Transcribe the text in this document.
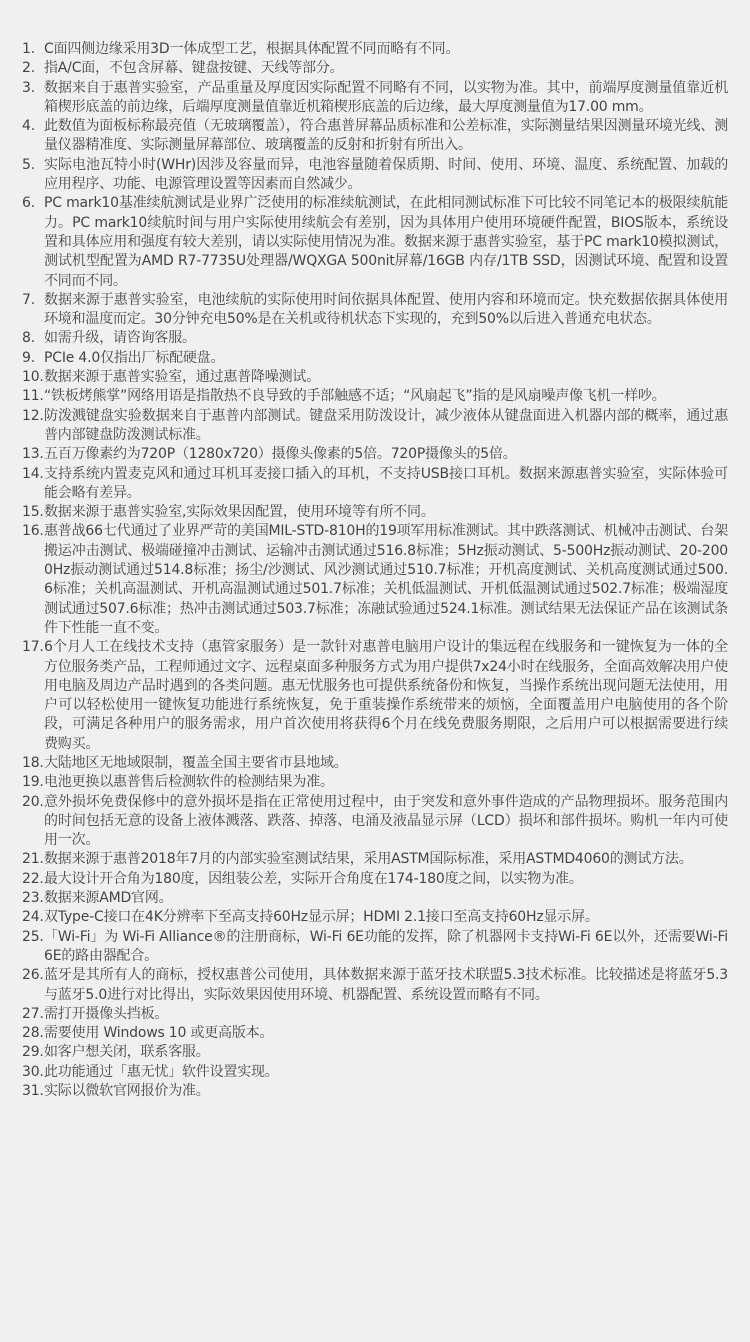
1. C面四侧边缘采用3D一体成型工艺，根据具体配置不同而略有不同。
2. 指A/C面，不包含屏幕、键盘按键、天线等部分。
3. 数据来自于惠普实验室，产品重量及厚度因实际配置不同略有不同，以实物为准。其中，前端厚度测量值靠近机箱楔形底盖的前边缘，后端厚度测量值靠近机箱楔形底盖的后边缘，最大厚度测量值为17.00 mm。
4. 此数值为面板标称最亮值（无玻璃覆盖），符合惠普屏幕品质标准和公差标准，实际测量结果因测量环境光线、测量仪器精准度、实际测量屏幕部位、玻璃覆盖的反射和折射有所出入。
5. 实际电池瓦特小时(WHr)因涉及容量而异，电池容量随着保质期、时间、使用、环境、温度、系统配置、加载的应用程序、功能、电源管理设置等因素而自然减少。
6. PC mark10基准续航测试是业界广泛使用的标准续航测试，在此相同测试标准下可比较不同笔记本的极限续航能力。PC mark10续航时间与用户实际使用续航会有差别，因为具体用户使用环境硬件配置，BIOS版本，系统设置和具体应用和强度有较大差别，请以实际使用情况为准。数据来源于惠普实验室，基于PC mark10模拟测试，测试机型配置为AMD R7-7735U处理器/WQXGA 500nit屏幕/16GB 内存/1TB SSD，因测试环境、配置和设置不同而不同。
7. 数据来源于惠普实验室，电池续航的实际使用时间依据具体配置、使用内容和环境而定。快充数据依据具体使用环境和温度而定。30分钟充电50%是在关机或待机状态下实现的，充到50%以后进入普通充电状态。
8. 如需升级，请咨询客服。
9. PCIe 4.0仅指出厂标配硬盘。
10. 数据来源于惠普实验室，通过惠普降噪测试。
11. “铁板烤熊掌”网络用语是指散热不良导致的手部触感不适；“风扇起飞”指的是风扇噪声像飞机一样吵。
12. 防泼溅键盘实验数据来自于惠普内部测试。键盘采用防泼设计，减少液体从键盘面进入机器内部的概率，通过惠普内部键盘防泼测试标准。
13. 五百万像素约为720P（1280x720）摄像头像素的5倍。720P摄像头的5倍。
14. 支持系统内置麦克风和通过耳机耳麦接口插入的耳机，不支持USB接口耳机。数据来源惠普实验室，实际体验可能会略有差异。
15. 数据来源于惠普实验室,实际效果因配置，使用环境等有所不同。
16. 惠普战66七代通过了业界严苛的美国MIL-STD-810H的19项军用标准测试。其中跌落测试、机械冲击测试、台架搬运冲击测试、极端碰撞冲击测试、运输冲击测试通过516.8标准；5Hz振动测试、5-500Hz振动测试、20-2000Hz振动测试通过514.8标准；扬尘/沙测试、风沙测试通过510.7标准；开机高度测试、关机高度测试通过500.6标准；关机高温测试、开机高温测试通过501.7标准；关机低温测试、开机低温测试通过502.7标准；极端湿度测试通过507.6标准；热冲击测试通过503.7标准；冻融试验通过524.1标准。测试结果无法保证产品在该测试条件下性能一直不变。
17. 6个月人工在线技术支持（惠管家服务）是一款针对惠普电脑用户设计的集远程在线服务和一键恢复为一体的全方位服务类产品，工程师通过文字、远程桌面多种服务方式为用户提供7x24小时在线服务，全面高效解决用户使用电脑及周边产品时遇到的各类问题。惠无忧服务也可提供系统备份和恢复，当操作系统出现问题无法使用，用户可以轻松使用一键恢复功能进行系统恢复，免于重装操作系统带来的烦恼，全面覆盖用户电脑使用的各个阶段，可满足各种用户的服务需求，用户首次使用将获得6个月在线免费服务期限，之后用户可以根据需要进行续费购买。
18. 大陆地区无地域限制，覆盖全国主要省市县地域。
19. 电池更换以惠普售后检测软件的检测结果为准。
20. 意外损坏免费保修中的意外损坏是指在正常使用过程中，由于突发和意外事件造成的产品物理损坏。服务范围内的时间包括无意的设备上液体溅落、跌落、掉落、电涌及液晶显示屏（LCD）损坏和部件损坏。购机一年内可使用一次。
21. 数据来源于惠普2018年7月的内部实验室测试结果，采用ASTM国际标准，采用ASTMD4060的测试方法。
22. 最大设计开合角为180度，因组装公差，实际开合角度在174-180度之间，以实物为准。
23. 数据来源AMD官网。
24. 双Type-C接口在4K分辨率下至高支持60Hz显示屏；HDMI 2.1接口至高支持60Hz显示屏。
25. 「Wi-Fi」为 Wi-Fi Alliance®的注册商标，Wi-Fi 6E功能的发挥，除了机器网卡支持Wi-Fi 6E以外，还需要Wi-Fi 6E的路由器配合。
26. 蓝牙是其所有人的商标，授权惠普公司使用，具体数据来源于蓝牙技术联盟5.3技术标准。比较描述是将蓝牙5.3与蓝牙5.0进行对比得出，实际效果因使用环境、机器配置、系统设置而略有不同。
27. 需打开摄像头挡板。
28. 需要使用 Windows 10 或更高版本。
29. 如客户想关闭，联系客服。
30. 此功能通过「惠无忧」软件设置实现。
31. 实际以微软官网报价为准。
